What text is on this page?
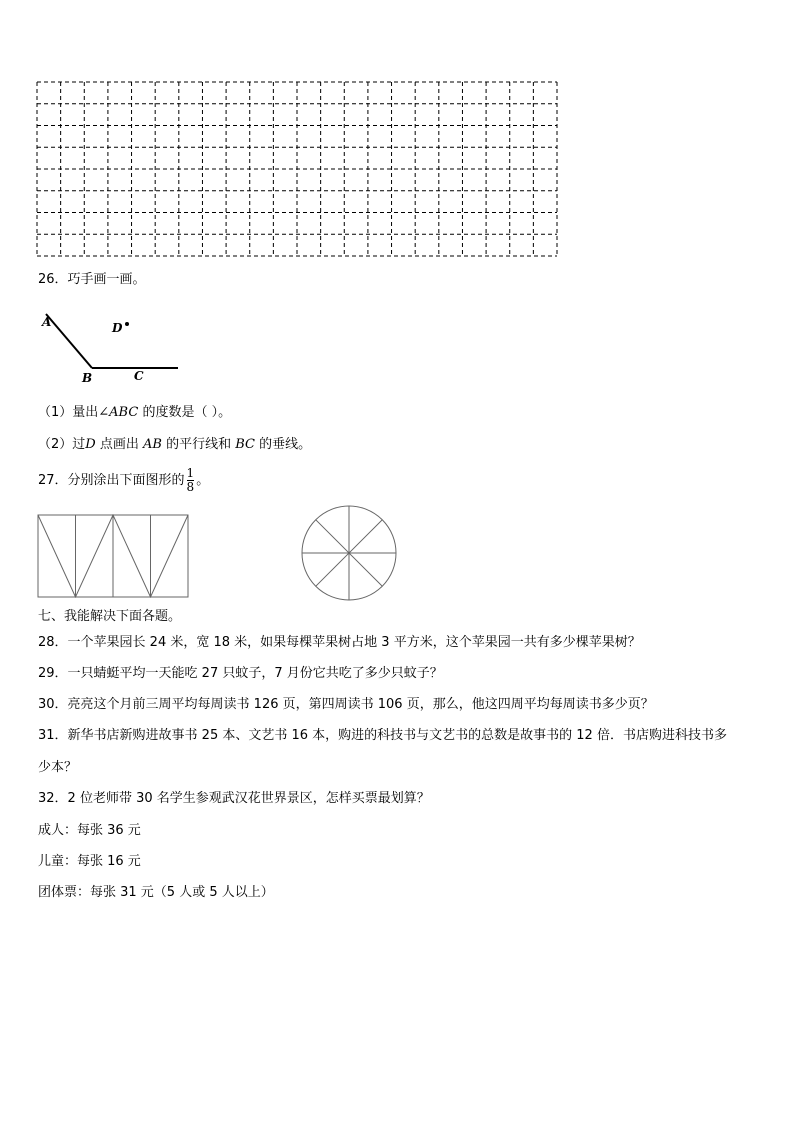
26．巧手画一画。
A
B	C
D
（1）量出∠ABC 的度数是（ ）。
（2）过D 点画出 AB 的平行线和 BC 的垂线。
27．分别涂出下面图形的 $\frac{1}{8}$ 。
七、我能解决下面各题。
28．一个苹果园长 24 米，宽 18 米，如果每棵苹果树占地 3 平方米，这个苹果园一共有多少棵苹果树？
29．一只蜻蜓平均一天能吃 27 只蚊子，7 月份它共吃了多少只蚊子？
30．亮亮这个月前三周平均每周读书 126 页，第四周读书 106 页，那么，他这四周平均每周读书多少页？
31．新华书店新购进故事书 25 本、文艺书 16 本，购进的科技书与文艺书的总数是故事书的 12 倍．书店购进科技书多
少本？
32．2 位老师带 30 名学生参观武汉花世界景区，怎样买票最划算？
成人：每张 36 元
儿童：每张 16 元
团体票：每张 31 元（5 人或 5 人以上）
